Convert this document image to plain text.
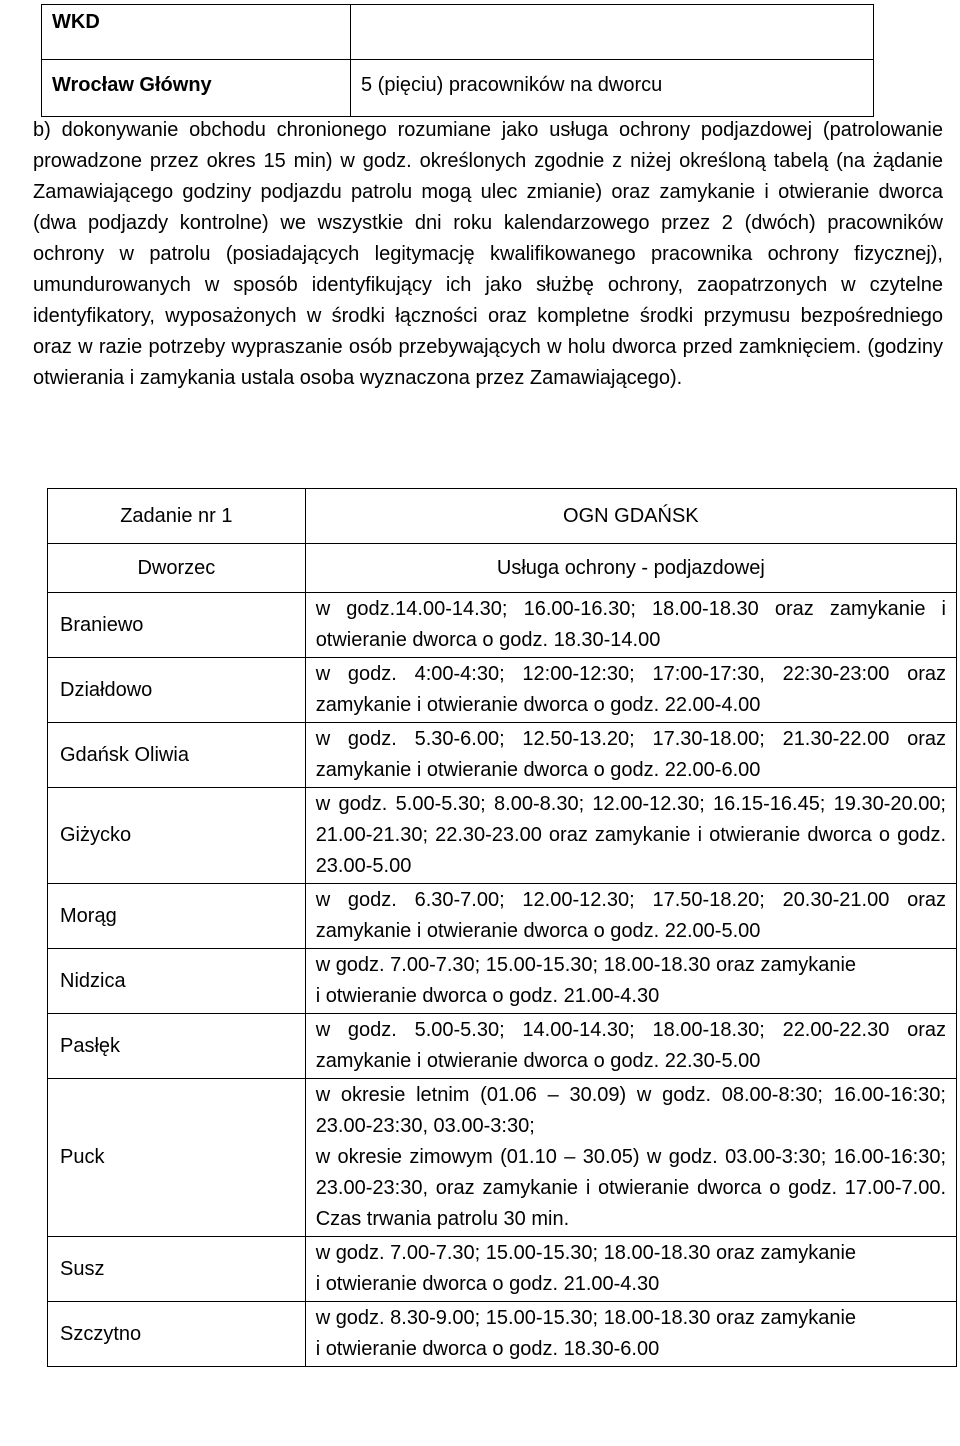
WKD	
Wrocław Główny	5 (pięciu) pracowników na dworcu
b) dokonywanie obchodu chronionego rozumiane jako usługa ochrony podjazdowej (patrolowanie prowadzone przez okres 15 min) w godz. określonych zgodnie z niżej określoną tabelą (na żądanie Zamawiającego godziny podjazdu patrolu mogą ulec zmianie) oraz zamykanie i otwieranie dworca (dwa podjazdy kontrolne) we wszystkie dni roku kalendarzowego przez 2 (dwóch) pracowników ochrony w patrolu (posiadających legitymację kwalifikowanego pracownika ochrony fizycznej), umundurowanych w sposób identyfikujący ich jako służbę ochrony, zaopatrzonych w czytelne identyfikatory, wyposażonych w środki łączności oraz kompletne środki przymusu bezpośredniego oraz w razie potrzeby wypraszanie osób przebywających w holu dworca przed zamknięciem. (godziny otwierania i zamykania ustala osoba wyznaczona przez Zamawiającego).
Zadanie nr 1	OGN GDAŃSK
Dworzec	Usługa ochrony - podjazdowej
Braniewo	w godz.14.00-14.30; 16.00-16.30; 18.00-18.30 oraz zamykanie i otwieranie dworca o godz. 18.30-14.00
Działdowo	w godz. 4:00-4:30; 12:00-12:30; 17:00-17:30, 22:30-23:00 oraz zamykanie i otwieranie dworca o godz. 22.00-4.00
Gdańsk Oliwia	w godz. 5.30-6.00; 12.50-13.20; 17.30-18.00; 21.30-22.00 oraz zamykanie i otwieranie dworca o godz. 22.00-6.00
Giżycko	w godz. 5.00-5.30; 8.00-8.30; 12.00-12.30; 16.15-16.45; 19.30-20.00; 21.00-21.30; 22.30-23.00 oraz zamykanie i otwieranie dworca o godz. 23.00-5.00
Morąg	w godz. 6.30-7.00; 12.00-12.30; 17.50-18.20; 20.30-21.00 oraz zamykanie i otwieranie dworca o godz. 22.00-5.00
Nidzica	w godz. 7.00-7.30; 15.00-15.30; 18.00-18.30 oraz zamykanie
i otwieranie dworca o godz. 21.00-4.30
Pasłęk	w godz. 5.00-5.30; 14.00-14.30; 18.00-18.30; 22.00-22.30 oraz zamykanie i otwieranie dworca o godz. 22.30-5.00
Puck	w okresie letnim (01.06 – 30.09) w godz. 08.00-8:30; 16.00-16:30; 23.00-23:30, 03.00-3:30;
w okresie zimowym (01.10 – 30.05) w godz. 03.00-3:30; 16.00-16:30; 23.00-23:30, oraz zamykanie i otwieranie dworca o godz. 17.00-7.00. Czas trwania patrolu 30 min.
Susz	w godz. 7.00-7.30; 15.00-15.30; 18.00-18.30 oraz zamykanie
i otwieranie dworca o godz. 21.00-4.30
Szczytno	w godz. 8.30-9.00; 15.00-15.30; 18.00-18.30 oraz zamykanie
i otwieranie dworca o godz. 18.30-6.00
